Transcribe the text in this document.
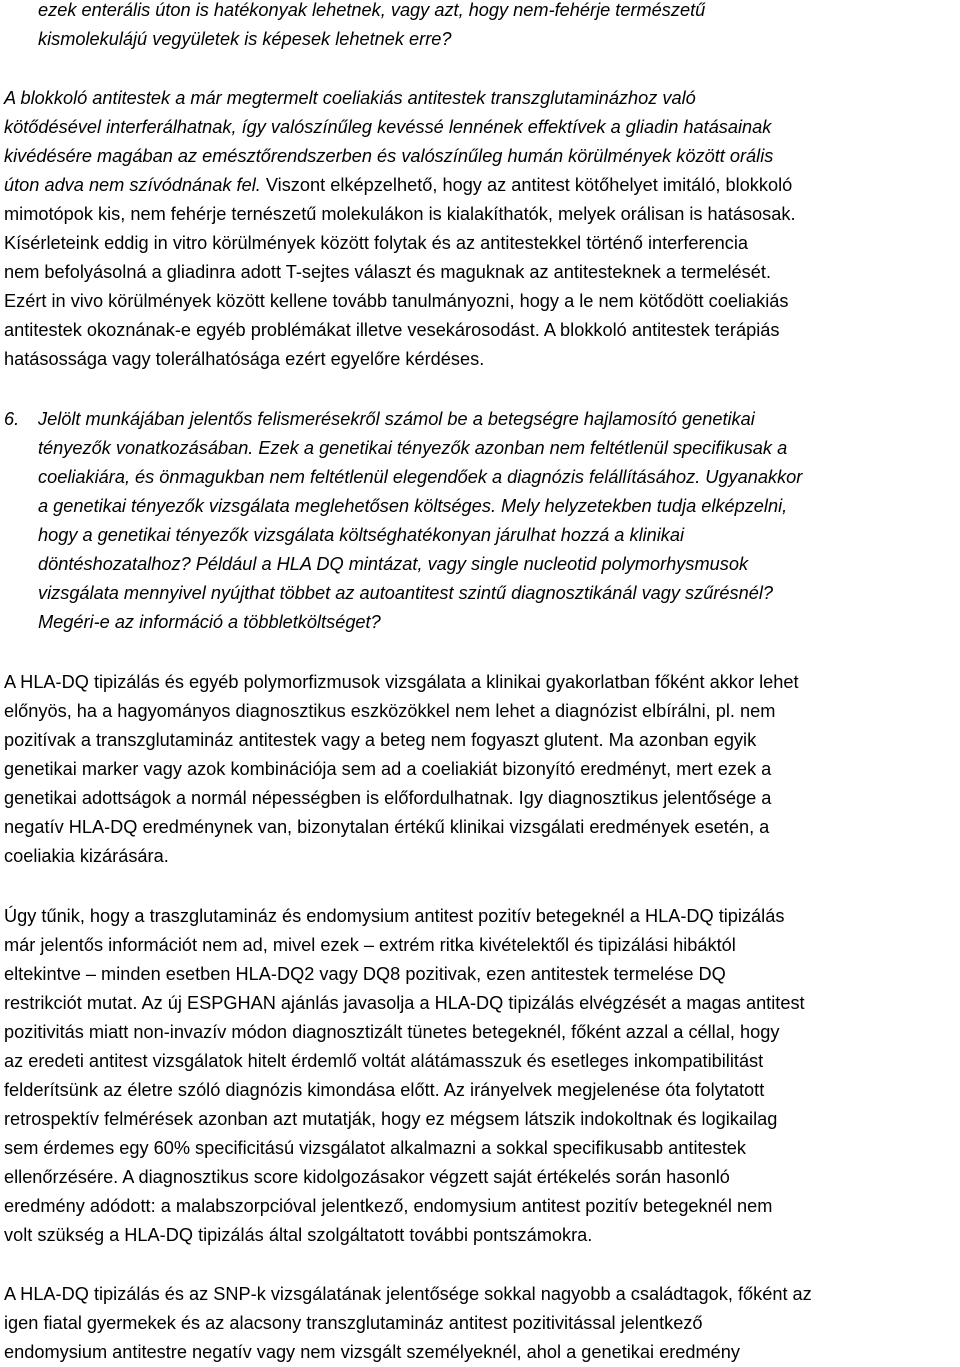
ezek enterális úton is hatékonyak lehetnek, vagy azt, hogy nem-fehérje természetű
kismolekulájú vegyületek is képesek lehetnek erre?
A blokkoló antitestek a már megtermelt coeliakiás antitestek transzglutaminázhoz való
kötődésével interferálhatnak, így valószínűleg kevéssé lennének effektívek a gliadin hatásainak
kivédésére magában az emésztőrendszerben és valószínűleg humán körülmények között orális
úton adva nem szívódnának fel. Viszont elképzelhető, hogy az antitest kötőhelyet imitáló, blokkoló
mimotópok kis, nem fehérje ternészetű molekulákon is kialakíthatók, melyek orálisan is hatásosak.
Kísérleteink eddig in vitro körülmények között folytak és az antitestekkel történő interferencia
nem befolyásolná a gliadinra adott T-sejtes választ és maguknak az antitesteknek a termelését.
Ezért in vivo körülmények között kellene tovább tanulmányozni, hogy a le nem kötődött coeliakiás
antitestek okoznának-e egyéb problémákat illetve vesekárosodást. A blokkoló antitestek terápiás
hatásossága vagy tolerálhatósága ezért egyelőre kérdéses.
6. Jelölt munkájában jelentős felismerésekről számol be a betegségre hajlamosító genetikai
tényezők vonatkozásában. Ezek a genetikai tényezők azonban nem feltétlenül specifikusak a
coeliakiára, és önmagukban nem feltétlenül elegendőek a diagnózis felállításához. Ugyanakkor
a genetikai tényezők vizsgálata meglehetősen költséges. Mely helyzetekben tudja elképzelni,
hogy a genetikai tényezők vizsgálata költséghatékonyan járulhat hozzá a klinikai
döntéshozatalhoz? Például a HLA DQ mintázat, vagy single nucleotid polymorhysmusok
vizsgálata mennyivel nyújthat többet az autoantitest szintű diagnosztikánál vagy szűrésnél?
Megéri-e az információ a többletköltséget?
A HLA-DQ tipizálás és egyéb polymorfizmusok vizsgálata a klinikai gyakorlatban főként akkor lehet
előnyös, ha a hagyományos diagnosztikus eszközökkel nem lehet a diagnózist elbírálni, pl. nem
pozitívak a transzglutamináz antitestek vagy a beteg nem fogyaszt glutent. Ma azonban egyik
genetikai marker vagy azok kombinációja sem ad a coeliakiát bizonyító eredményt, mert ezek a
genetikai adottságok a normál népességben is előfordulhatnak. Igy diagnosztikus jelentősége a
negatív HLA-DQ eredménynek van, bizonytalan értékű klinikai vizsgálati eredmények esetén, a
coeliakia kizárására.
Úgy tűnik, hogy a traszglutamináz és endomysium antitest pozitív betegeknél a HLA-DQ tipizálás
már jelentős információt nem ad, mivel ezek – extrém ritka kivételektől és tipizálási hibáktól
eltekintve – minden esetben HLA-DQ2 vagy DQ8 pozitivak, ezen antitestek termelése DQ
restrikciót mutat. Az új ESPGHAN ajánlás javasolja a HLA-DQ tipizálás elvégzését a magas antitest
pozitivitás miatt non-invazív módon diagnosztizált tünetes betegeknél, főként azzal a céllal, hogy
az eredeti antitest vizsgálatok hitelt érdemlő voltát alátámasszuk és esetleges inkompatibilitást
felderítsünk az életre szóló diagnózis kimondása előtt. Az irányelvek megjelenése óta folytatott
retrospektív felmérések azonban azt mutatják, hogy ez mégsem látszik indokoltnak és logikailag
sem érdemes egy 60% specificitású vizsgálatot alkalmazni a sokkal specifikusabb antitestek
ellenőrzésére. A diagnosztikus score kidolgozásakor végzett saját értékelés során hasonló
eredmény adódott: a malabszorpcióval jelentkező, endomysium antitest pozitív betegeknél nem
volt szükség a HLA-DQ tipizálás által szolgáltatott további pontszámokra.
A HLA-DQ tipizálás és az SNP-k vizsgálatának jelentősége sokkal nagyobb a családtagok, főként az
igen fiatal gyermekek és az alacsony transzglutamináz antitest pozitivitással jelentkező
endomysium antitestre negatív vagy nem vizsgált személyeknél, ahol a genetikai eredmény
